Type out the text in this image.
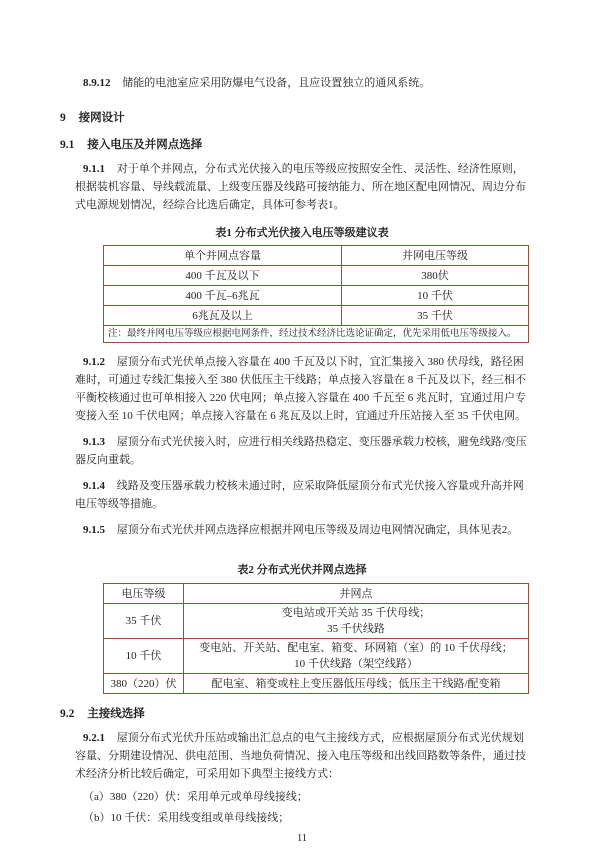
8.9.12 储能的电池室应采用防爆电气设备，且应设置独立的通风系统。

9 接网设计
9.1 接入电压及并网点选择

9.1.1 对于单个并网点，分布式光伏接入的电压等级应按照安全性、灵活性、经济性原则，根据装机容量、导线载流量、上级变压器及线路可接纳能力、所在地区配电网情况、周边分布式电源规划情况，经综合比选后确定，具体可参考表1。

表1 分布式光伏接入电压等级建议表
单个并网点容量	并网电压等级
400 千瓦及以下	380伏
400 千瓦–6兆瓦	10 千伏
6兆瓦及以上	35 千伏
注：最终并网电压等级应根据电网条件，经过技术经济比选论证确定，优先采用低电压等级接入。	

9.1.2 屋顶分布式光伏单点接入容量在 400 千瓦及以下时，宜汇集接入 380 伏母线，路径困难时，可通过专线汇集接入至 380 伏低压主干线路；单点接入容量在 8 千瓦及以下，经三相不平衡校核通过也可单相接入 220 伏电网；单点接入容量在 400 千瓦至 6 兆瓦时，宜通过用户专变接入至 10 千伏电网；单点接入容量在 6 兆瓦及以上时，宜通过升压站接入至 35 千伏电网。

9.1.3 屋顶分布式光伏接入时，应进行相关线路热稳定、变压器承载力校核，避免线路/变压器反向重载。

9.1.4 线路及变压器承载力校核未通过时，应采取降低屋顶分布式光伏接入容量或升高并网电压等级等措施。

9.1.5 屋顶分布式光伏并网点选择应根据并网电压等级及周边电网情况确定，具体见表2。

表2 分布式光伏并网点选择
电压等级	并网点
35 千伏	变电站或开关站 35 千伏母线；
35 千伏线路

10 千伏	变电站、开关站、配电室、箱变、环网箱（室）的 10 千伏母线；
10 千伏线路（架空线路）

380（220）伏	配电室、箱变或柱上变压器低压母线；低压主干线路/配变箱
9.2 主接线选择

9.2.1 屋顶分布式光伏升压站或输出汇总点的电气主接线方式，应根据屋顶分布式光伏规划容量、分期建设情况、供电范围、当地负荷情况、接入电压等级和出线回路数等条件，通过技术经济分析比较后确定，可采用如下典型主接线方式：

（a）380（220）伏：采用单元或单母线接线；

（b）10 千伏：采用线变组或单母线接线；

11
